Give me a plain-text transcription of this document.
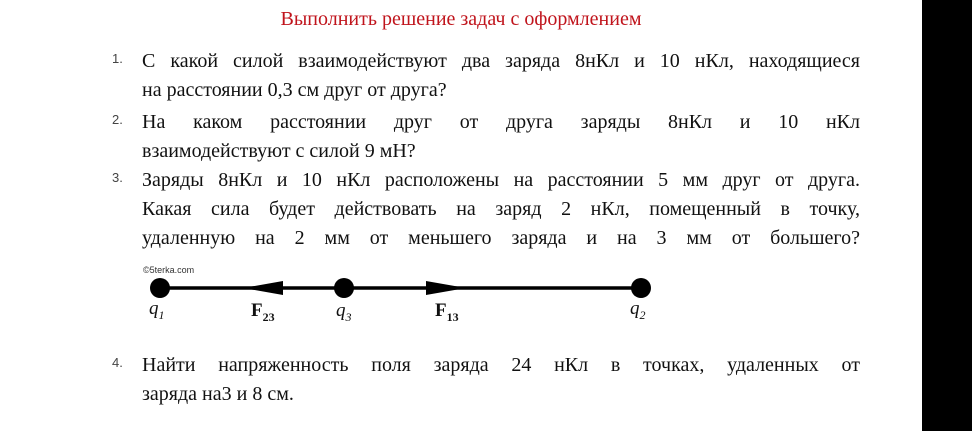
Выполнить решение задач с оформлением
1. С какой силой взаимодействуют два заряда 8нКл и 10 нКл, находящиеся
на расстоянии 0,3 см друг от друга?
2. На каком расстоянии друг от друга заряды 8нКл и 10 нКл
взаимодействуют с силой 9 мН?
3. Заряды 8нКл и 10 нКл расположены на расстоянии 5 мм друг от друга.
Какая сила будет действовать на заряд 2 нКл, помещенный в точку,
удаленную на 2 мм от меньшего заряда и на 3 мм от большего?
©5terka.com
$q_1$	$F_{23}$	$q_3$	$F_{13}$	$q_2$
4. Найти напряженность поля заряда 24 нКл в точках, удаленных от
заряда на3 и 8 см.
